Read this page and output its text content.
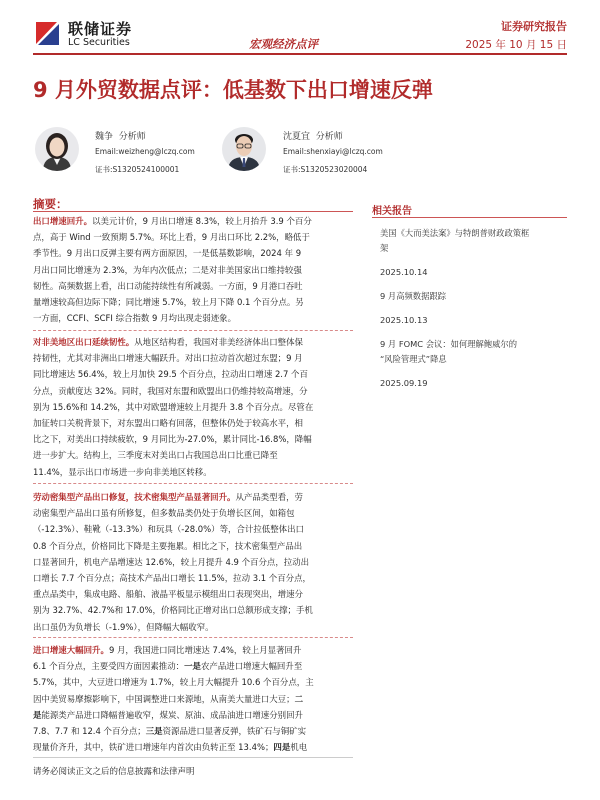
联储证券
LC Securities	宏观经济点评
证券研究报告
2025 年 10 月 15 日
9 月外贸数据点评：低基数下出口增速反弹
魏争 分析师
Email:weizheng@lczq.com
证书:S1320524100001
沈夏宜 分析师
Email:shenxiayi@lczq.com
证书:S1320523020004
摘要：
出口增速回升。以美元计价，9 月出口增速 8.3%，较上月抬升 3.9 个百分
点，高于 Wind 一致预期 5.7%。环比上看，9 月出口环比 2.2%，略低于
季节性。9 月出口反弹主要有两方面原因，一是低基数影响，2024 年 9
月出口同比增速为 2.3%，为年内次低点；二是对非美国家出口维持较强
韧性。高频数据上看，出口动能持续性有所减弱。一方面，9 月港口吞吐
量增速较高但边际下降；同比增速 5.7%，较上月下降 0.1 个百分点。另
一方面，CCFI、SCFI 综合指数 9 月均出现走弱迹象。
对非美地区出口延续韧性。从地区结构看，我国对非美经济体出口整体保
持韧性，尤其对非洲出口增速大幅跃升。对出口拉动首次超过东盟；9 月
同比增速达 56.4%，较上月加快 29.5 个百分点，拉动出口增速 2.7 个百
分点，贡献度达 32%。同时，我国对东盟和欧盟出口仍维持较高增速，分
别为 15.6%和 14.2%，其中对欧盟增速较上月提升 3.8 个百分点。尽管在
加征转口关税背景下，对东盟出口略有回落，但整体仍处于较高水平，相
比之下，对美出口持续疲软，9 月同比为-27.0%，累计同比-16.8%，降幅
进一步扩大。结构上，三季度末对美出口占我国总出口比重已降至
11.4%，显示出口市场进一步向非美地区转移。
劳动密集型产品出口修复，技术密集型产品显著回升。从产品类型看，劳
动密集型产品出口虽有所修复，但多数品类仍处于负增长区间，如箱包
（-12.3%）、鞋靴（-13.3%）和玩具（-28.0%）等，合计拉低整体出口
0.8 个百分点，价格同比下降是主要拖累。相比之下，技术密集型产品出
口显著回升，机电产品增速达 12.6%，较上月提升 4.9 个百分点，拉动出
口增长 7.7 个百分点；高技术产品出口增长 11.5%，拉动 3.1 个百分点，
重点品类中，集成电路、船舶、液晶平板显示模组出口表现突出，增速分
别为 32.7%、42.7%和 17.0%，价格同比正增对出口总额形成支撑；手机
出口虽仍为负增长（-1.9%），但降幅大幅收窄。
进口增速大幅回升。9 月，我国进口同比增速达 7.4%，较上月显著回升
6.1 个百分点，主要受四方面因素推动：一是农产品进口增速大幅回升至
5.7%，其中，大豆进口增速为 1.7%，较上月大幅提升 10.6 个百分点，主
因中美贸易摩擦影响下，中国调整进口来源地，从南美大量进口大豆；二
是能源类产品进口降幅普遍收窄，煤炭、原油、成品油进口增速分别回升
7.8、7.7 和 12.4 个百分点；三是资源品进口显著反弹，铁矿石与铜矿实
现量价齐升，其中，铁矿进口增速年内首次由负转正至 13.4%；四是机电
相关报告
美国《大而美法案》与特朗普财政政策框
架
2025.10.14
9 月高频数据跟踪
2025.10.13
9 月 FOMC 会议：如何理解鲍威尔的
“风险管理式”降息
2025.09.19
请务必阅读正文之后的信息披露和法律声明
